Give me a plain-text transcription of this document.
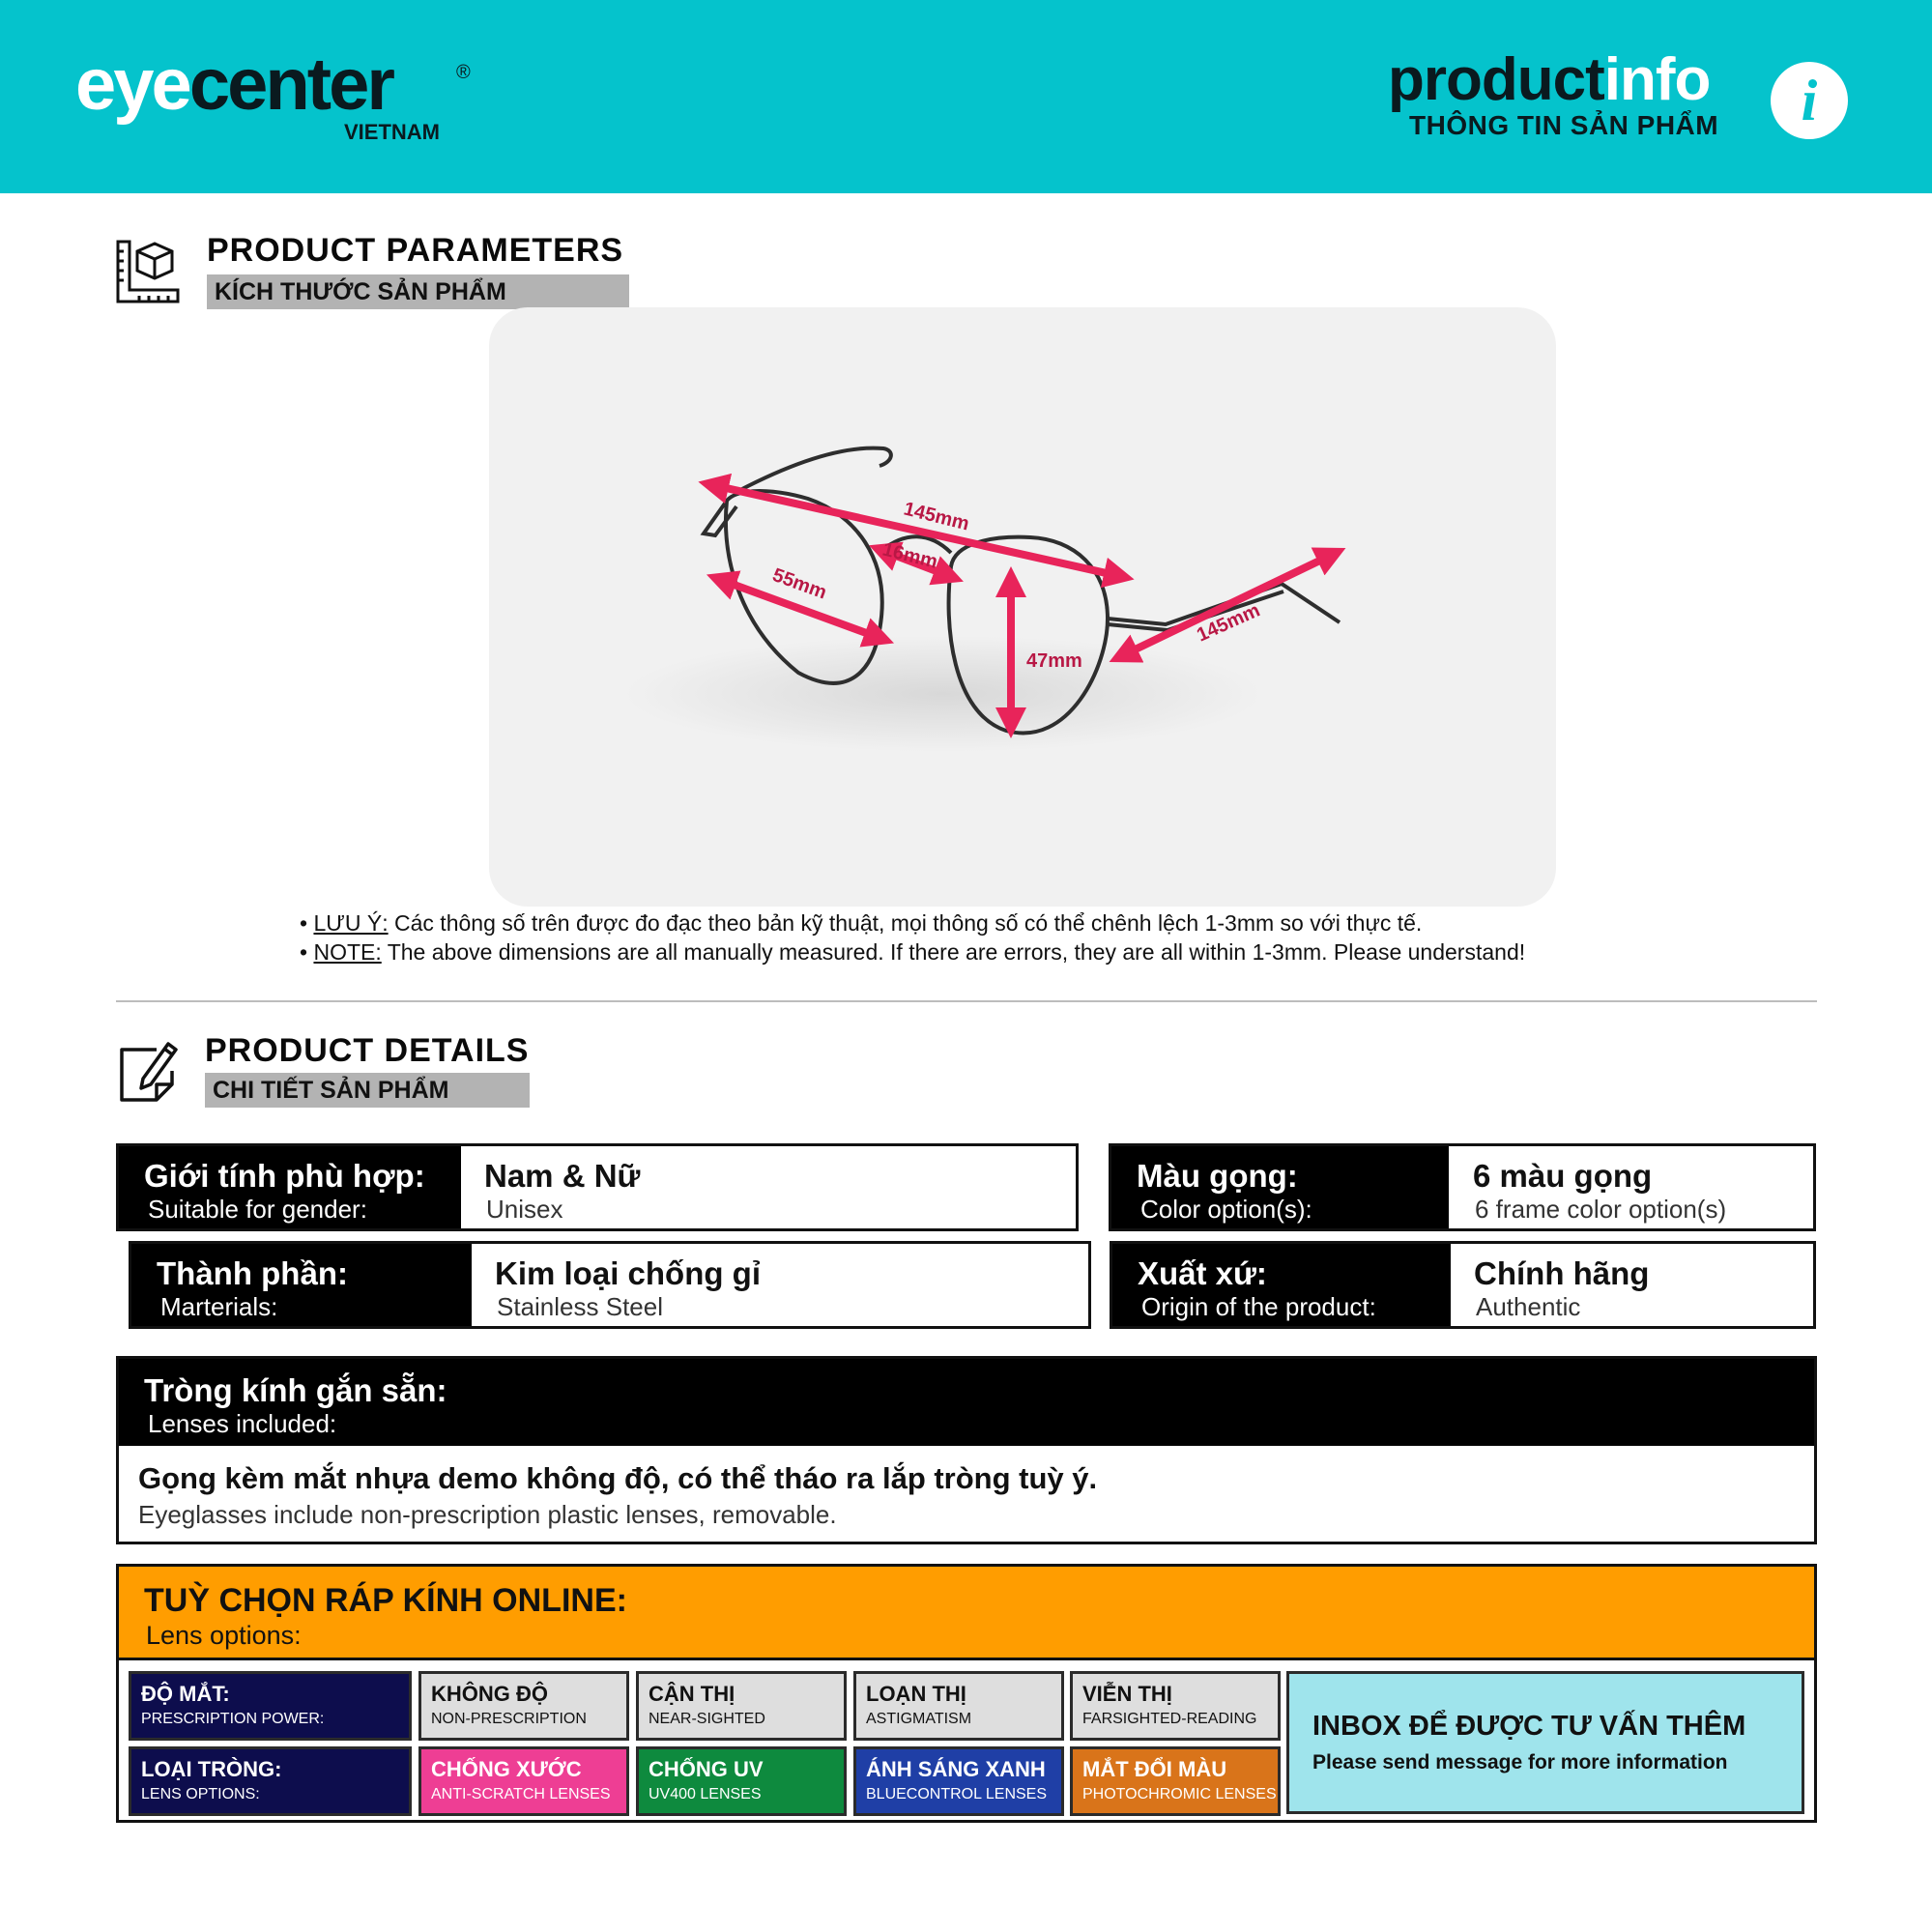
eyecenter	®
VIETNAM
productinfo
THÔNG TIN SẢN PHẨM	i
PRODUCT PARAMETERS
KÍCH THƯỚC SẢN PHẨM
145mm
16mm
55mm
47mm
145mm
• LƯU Ý: Các thông số trên được đo đạc theo bản kỹ thuật, mọi thông số có thể chênh lệch 1-3mm so với thực tế.
• NOTE: The above dimensions are all manually measured. If there are errors, they are all within 1-3mm. Please understand!
PRODUCT DETAILS
CHI TIẾT SẢN PHẨM
Giới tính phù hợp:
Suitable for gender:
Nam & Nữ
Unisex
Màu gọng:
Color option(s):
6 màu gọng
6 frame color option(s)
Thành phần:
Marterials:
Kim loại chống gỉ
Stainless Steel
Xuất xứ:
Origin of the product:
Chính hãng
Authentic
Tròng kính gắn sẵn:
Lenses included:
Gọng kèm mắt nhựa demo không độ, có thể tháo ra lắp tròng tuỳ ý.
Eyeglasses include non-prescription plastic lenses, removable.
TUỲ CHỌN RÁP KÍNH ONLINE:
Lens options:
ĐỘ MẮT:
PRESCRIPTION POWER:
KHÔNG ĐỘ
NON-PRESCRIPTION
CẬN THỊ
NEAR-SIGHTED
LOẠN THỊ
ASTIGMATISM
VIỄN THỊ
FARSIGHTED-READING
LOẠI TRÒNG:
LENS OPTIONS:
CHỐNG XƯỚC
ANTI-SCRATCH LENSES
CHỐNG UV
UV400 LENSES
ÁNH SÁNG XANH
BLUECONTROL LENSES
MẮT ĐỔI MÀU
PHOTOCHROMIC LENSES
INBOX ĐỂ ĐƯỢC TƯ VẤN THÊM
Please send message for more information
